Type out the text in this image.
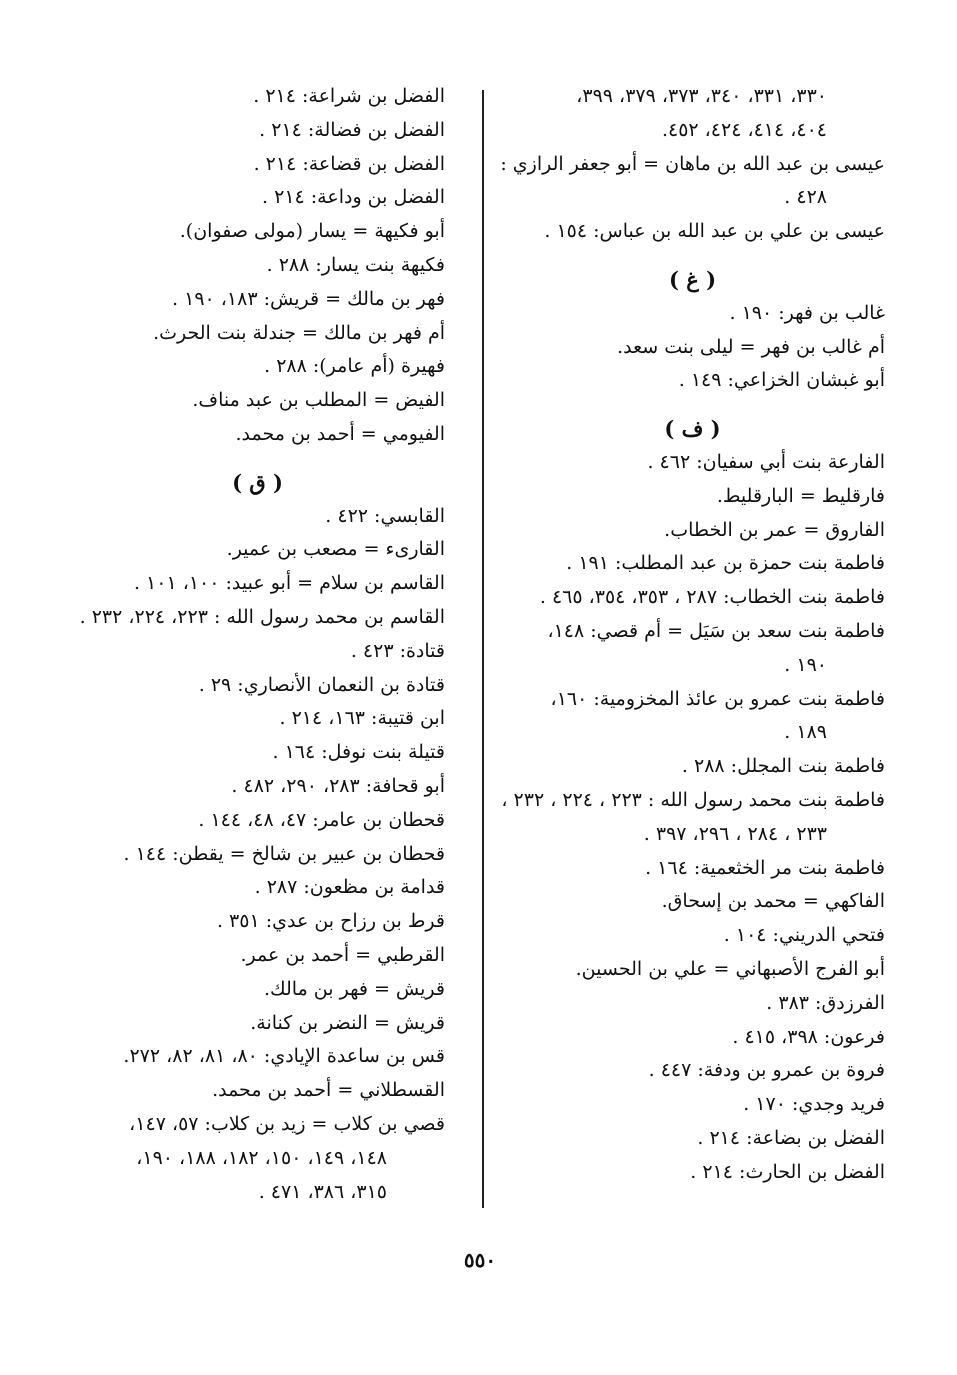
٣٣٠، ٣٣١، ٣٤٠، ٣٧٣، ٣٧٩، ٣٩٩،
٤٠٤، ٤١٤، ٤٢٤، ٤٥٢.
عيسى بن عبد الله بن ماهان = أبو جعفر الرازي :
٤٢٨ .
عيسى بن علي بن عبد الله بن عباس: ١٥٤ .
( غ )
غالب بن فهر: ١٩٠ .
أم غالب بن فهر = ليلى بنت سعد.
أبو غبشان الخزاعي: ١٤٩ .
( ف )
الفارعة بنت أبي سفيان: ٤٦٢ .
فارقليط = البارقليط.
الفاروق = عمر بن الخطاب.
فاطمة بنت حمزة بن عبد المطلب: ١٩١ .
فاطمة بنت الخطاب: ٢٨٧ ، ٣٥٣، ٣٥٤، ٤٦٥ .
فاطمة بنت سعد بن سَيَل = أم قصي: ١٤٨،
١٩٠ .
فاطمة بنت عمرو بن عائذ المخزومية: ١٦٠،
١٨٩ .
فاطمة بنت المجلل: ٢٨٨ .
فاطمة بنت محمد رسول الله : ٢٢٣ ، ٢٢٤ ، ٢٣٢ ،
٢٣٣ ، ٢٨٤ ، ٢٩٦، ٣٩٧ .
فاطمة بنت مر الخثعمية: ١٦٤ .
الفاكهي = محمد بن إسحاق.
فتحي الدريني: ١٠٤ .
أبو الفرج الأصبهاني = علي بن الحسين.
الفرزدق: ٣٨٣ .
فرعون: ٣٩٨، ٤١٥ .
فروة بن عمرو بن ودفة: ٤٤٧ .
فريد وجدي: ١٧٠ .
الفضل بن بضاعة: ٢١٤ .
الفضل بن الحارث: ٢١٤ .
الفضل بن شراعة: ٢١٤ .
الفضل بن فضالة: ٢١٤ .
الفضل بن قضاعة: ٢١٤ .
الفضل بن وداعة: ٢١٤ .
أبو فكيهة = يسار (مولى صفوان).
فكيهة بنت يسار: ٢٨٨ .
فهر بن مالك = قريش: ١٨٣، ١٩٠ .
أم فهر بن مالك = جندلة بنت الحرث.
فهيرة (أم عامر): ٢٨٨ .
الفيض = المطلب بن عبد مناف.
الفيومي = أحمد بن محمد.
( ق )
القابسي: ٤٢٢ .
القارىء = مصعب بن عمير.
القاسم بن سلام = أبو عبيد: ١٠٠، ١٠١ .
القاسم بن محمد رسول الله : ٢٢٣، ٢٢٤، ٢٣٢ .
قتادة: ٤٢٣ .
قتادة بن النعمان الأنصاري: ٢٩ .
ابن قتيبة: ١٦٣، ٢١٤ .
قتيلة بنت نوفل: ١٦٤ .
أبو قحافة: ٢٨٣، ٢٩٠، ٤٨٢ .
قحطان بن عامر: ٤٧، ٤٨، ١٤٤ .
قحطان بن عبير بن شالخ = يقطن: ١٤٤ .
قدامة بن مظعون: ٢٨٧ .
قرط بن رزاح بن عدي: ٣٥١ .
القرطبي = أحمد بن عمر.
قريش = فهر بن مالك.
قريش = النضر بن كنانة.
قس بن ساعدة الإيادي: ٨٠، ٨١، ٨٢، ٢٧٢.
القسطلاني = أحمد بن محمد.
قصي بن كلاب = زيد بن كلاب: ٥٧، ١٤٧،
١٤٨، ١٤٩، ١٥٠، ١٨٢، ١٨٨، ١٩٠،
٣١٥، ٣٨٦، ٤٧١ .
٥٥٠
